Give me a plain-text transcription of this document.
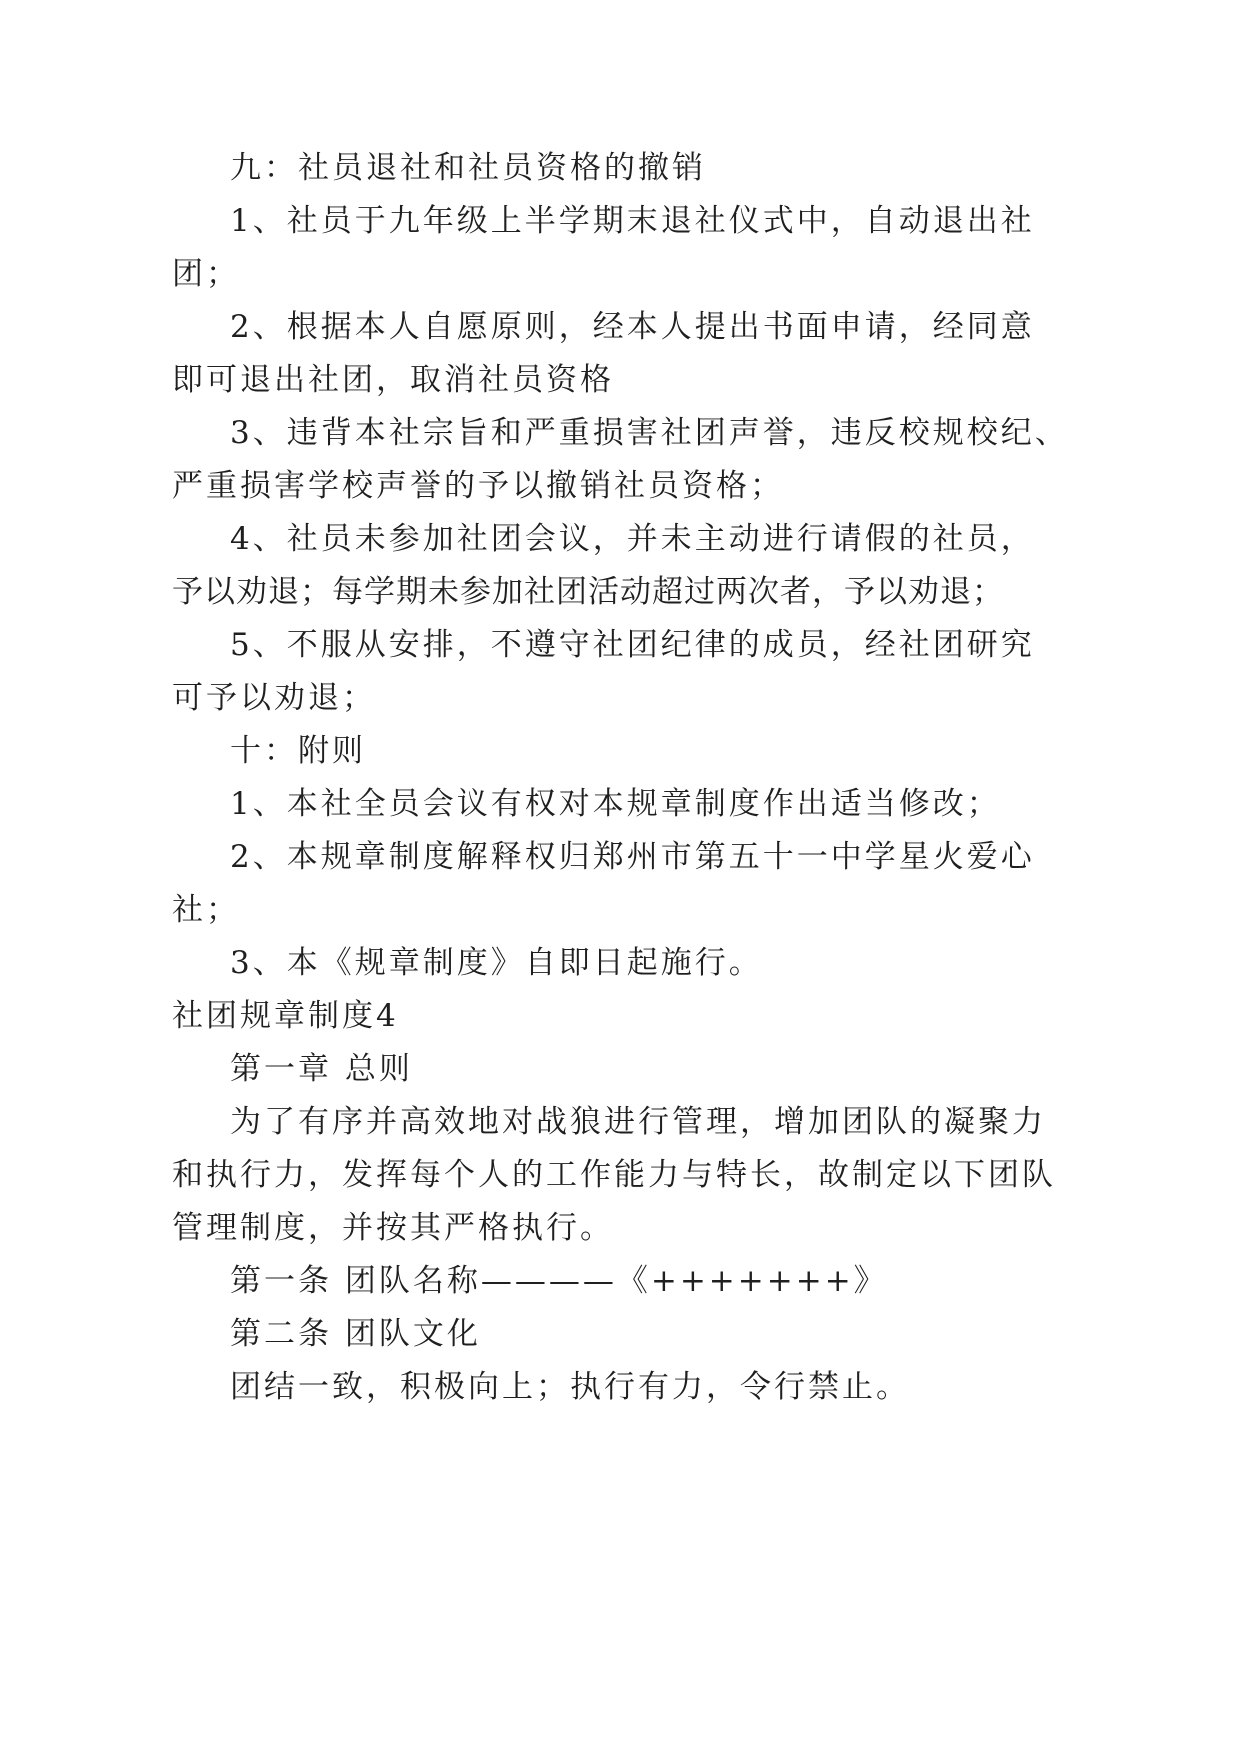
九：社员退社和社员资格的撤销
1、社员于九年级上半学期末退社仪式中，自动退出社
团；
2、根据本人自愿原则，经本人提出书面申请，经同意
即可退出社团，取消社员资格
3、违背本社宗旨和严重损害社团声誉，违反校规校纪、
严重损害学校声誉的予以撤销社员资格；
4、社员未参加社团会议，并未主动进行请假的社员，
予以劝退；每学期未参加社团活动超过两次者，予以劝退；
5、不服从安排，不遵守社团纪律的成员，经社团研究
可予以劝退；
十：附则
1、本社全员会议有权对本规章制度作出适当修改；
2、本规章制度解释权归郑州市第五十一中学星火爱心
社；
3、本《规章制度》自即日起施行。
社团规章制度4
第一章 总则
为了有序并高效地对战狼进行管理，增加团队的凝聚力
和执行力，发挥每个人的工作能力与特长，故制定以下团队
管理制度，并按其严格执行。
第一条 团队名称————《+++++++》
第二条 团队文化
团结一致，积极向上；执行有力，令行禁止。
